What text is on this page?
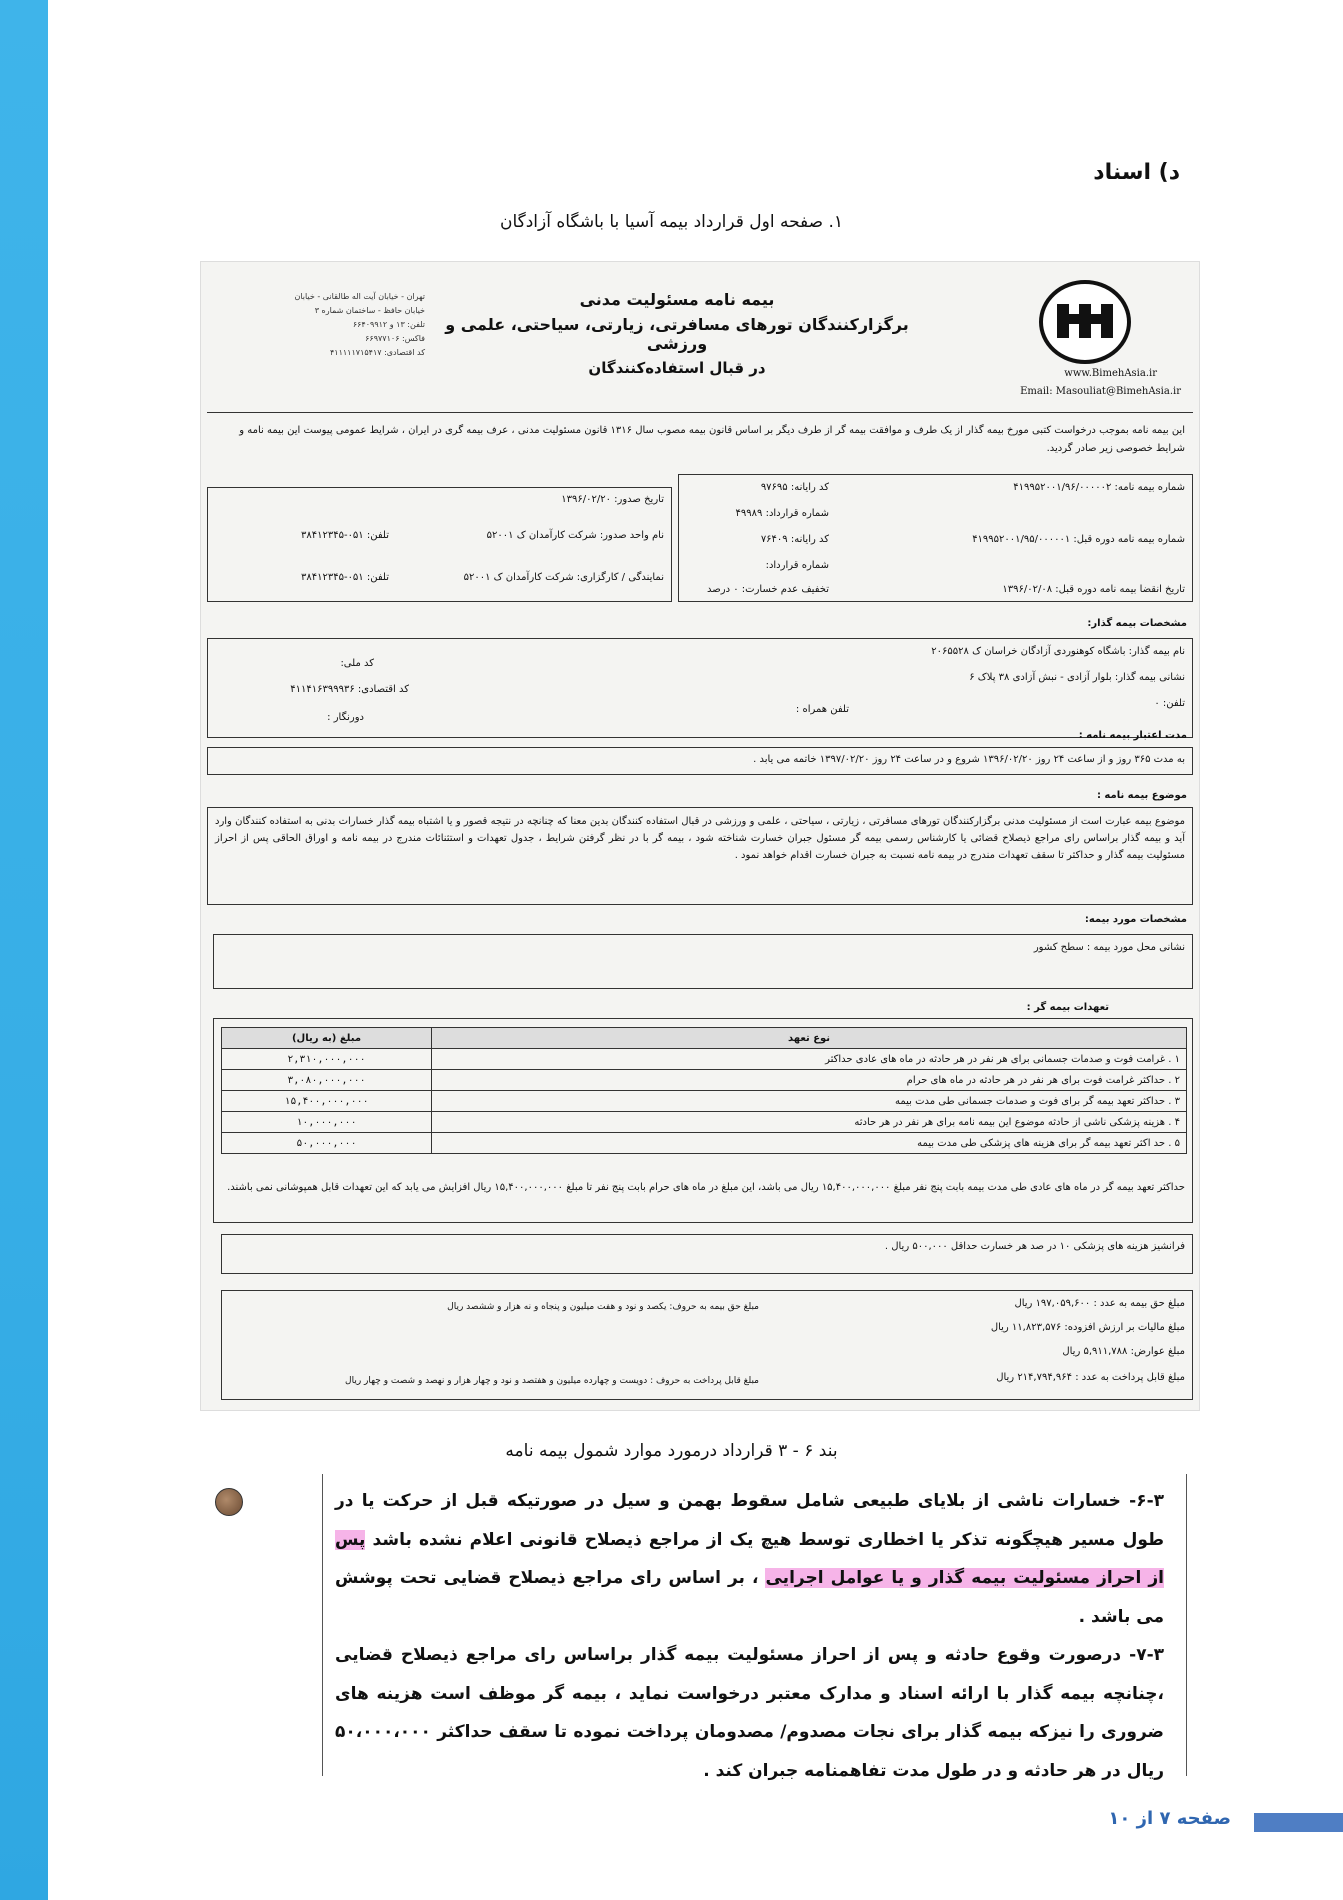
د) اسناد
۱. صفحه اول قرارداد بیمه آسیا با باشگاه آزادگان
www.BimehAsia.ir
Email: Masouliat@BimehAsia.ir
بیمه نامه مسئولیت مدنی
برگزارکنندگان تورهای مسافرتی، زیارتی، سیاحتی، علمی و ورزشی
در قبال استفاده‌کنندگان
تهران - خیابان آیت اله طالقانی - خیابان
خیابان حافظ - ساختمان شماره ۳
تلفن: ۱۳ و ۶۶۴۰۹۹۱۲
فاکس: ۶۶۹۷۷۱۰۶
کد اقتصادی: ۴۱۱۱۱۱۷۱۵۴۱۷
این بیمه نامه بموجب درخواست کتبی مورخ بیمه گذار از یک طرف و موافقت بیمه گر از طرف دیگر بر اساس قانون بیمه مصوب سال ۱۳۱۶ قانون مسئولیت مدنی ، عرف بیمه گری در ایران ، شرایط عمومی پیوست این بیمه نامه و شرایط خصوصی زیر صادر گردید.
شماره بیمه نامه: ۴۱۹۹۵۲۰۰۱/۹۶/۰۰۰۰۰۲
کد رایانه: ۹۷۶۹۵
شماره قرارداد: ۴۹۹۸۹
شماره بیمه نامه دوره قبل: ۴۱۹۹۵۲۰۰۱/۹۵/۰۰۰۰۰۱
کد رایانه: ۷۶۴۰۹
شماره قرارداد:
تاریخ انقضا بیمه نامه دوره قبل: ۱۳۹۶/۰۲/۰۸
تخفیف عدم خسارت: ۰ درصد
تاریخ صدور: ۱۳۹۶/۰۲/۲۰
نام واحد صدور: شرکت کارآمدان ک ۵۲۰۰۱
تلفن: ۰۵۱-۳۸۴۱۲۳۴۵
نمایندگی / کارگزاری: شرکت کارآمدان ک ۵۲۰۰۱
تلفن: ۰۵۱-۳۸۴۱۲۳۴۵
مشخصات بیمه گذار:
نام بیمه گذار: باشگاه کوهنوردی آزادگان خراسان ک ۲۰۶۵۵۲۸
کد ملی:
نشانی بیمه گذار: بلوار آزادی - نبش آزادی ۳۸ پلاک ۶
کد اقتصادی: ۴۱۱۴۱۶۳۹۹۹۳۶
تلفن: ۰
تلفن همراه :
دورنگار :
مدت اعتبار بیمه نامه :
به مدت ۳۶۵ روز و از ساعت ۲۴ روز ۱۳۹۶/۰۲/۲۰ شروع و در ساعت ۲۴ روز ۱۳۹۷/۰۲/۲۰ خاتمه می یابد .
موضوع بیمه نامه :
موضوع بیمه عبارت است از مسئولیت مدنی برگزارکنندگان تورهای مسافرتی ، زیارتی ، سیاحتی ، علمی و ورزشی در قبال استفاده کنندگان بدین معنا که چنانچه در نتیجه قصور و یا اشتباه بیمه گذار خسارات بدنی به استفاده کنندگان وارد آید و بیمه گذار براساس رای مراجع ذیصلاح قضائی یا کارشناس رسمی بیمه گر مسئول جبران خسارت شناخته شود ، بیمه گر با در نظر گرفتن شرایط ، جدول تعهدات و استثنائات مندرج در بیمه نامه و اوراق الحاقی پس از احراز مسئولیت بیمه گذار و حداکثر تا سقف تعهدات مندرج در بیمه نامه نسبت به جبران خسارت اقدام خواهد نمود .
مشخصات مورد بیمه:
نشانی محل مورد بیمه : سطح کشور
تعهدات بیمه گر :
نوع تعهد	مبلغ (به ریال)
۱ . غرامت فوت و صدمات جسمانی برای هر نفر در هر حادثه در ماه های عادی حداکثر	۲,۳۱۰,۰۰۰,۰۰۰
۲ . حداکثر غرامت فوت برای هر نفر در هر حادثه در ماه های حرام	۳,۰۸۰,۰۰۰,۰۰۰
۳ . حداکثر تعهد بیمه گر برای فوت و صدمات جسمانی طی مدت بیمه	۱۵,۴۰۰,۰۰۰,۰۰۰
۴ . هزینه پزشکی ناشی از حادثه موضوع این بیمه نامه برای هر نفر در هر حادثه	۱۰,۰۰۰,۰۰۰
۵ . حد اکثر تعهد بیمه گر برای هزینه های پزشکی طی مدت بیمه	۵۰,۰۰۰,۰۰۰
حداکثر تعهد بیمه گر در ماه های عادی طی مدت بیمه بابت پنج نفر مبلغ ۱۵,۴۰۰,۰۰۰,۰۰۰ ریال می باشد، این مبلغ در ماه های حرام بابت پنج نفر تا مبلغ ۱۵,۴۰۰,۰۰۰,۰۰۰ ریال افزایش می یابد که این تعهدات قابل همپوشانی نمی باشند.
فرانشیز هزینه های پزشکی ۱۰ در صد هر خسارت حداقل ۵۰۰,۰۰۰ ریال .
مبلغ حق بیمه به عدد : ۱۹۷,۰۵۹,۶۰۰ ریال
مبلغ حق بیمه به حروف: یکصد و نود و هفت میلیون و پنجاه و نه هزار و ششصد ریال
مبلغ مالیات بر ارزش افزوده: ۱۱,۸۲۳,۵۷۶ ریال
مبلغ عوارض: ۵,۹۱۱,۷۸۸ ریال
مبلغ قابل پرداخت به عدد : ۲۱۴,۷۹۴,۹۶۴ ریال
مبلغ قابل پرداخت به حروف : دویست و چهارده میلیون و هفتصد و نود و چهار هزار و نهصد و شصت و چهار ریال
بند ۶ - ۳ قرارداد درمورد موارد شمول بیمه نامه
۶-۳- خسارات ناشی از بلایای طبیعی شامل سقوط بهمن و سیل در صورتیکه قبل از حرکت یا در طول مسیر هیچگونه تذکر یا اخطاری توسط هیچ یک از مراجع ذیصلاح قانونی اعلام نشده باشد پس از احراز مسئولیت بیمه گذار و یا عوامل اجرایی ، بر اساس رای مراجع ذیصلاح قضایی تحت پوشش می باشد .
۷-۳- درصورت وقوع حادثه و پس از احراز مسئولیت بیمه گذار براساس رای مراجع ذیصلاح قضایی ،چنانچه بیمه گذار با ارائه اسناد و مدارک معتبر درخواست نماید ، بیمه گر موظف است هزینه های ضروری را نیزکه بیمه گذار برای نجات مصدوم/ مصدومان پرداخت نموده تا سقف حداکثر ۵۰،۰۰۰،۰۰۰ ریال در هر حادثه و در طول مدت تفاهمنامه جبران کند .
صفحه ۷ از ۱۰
